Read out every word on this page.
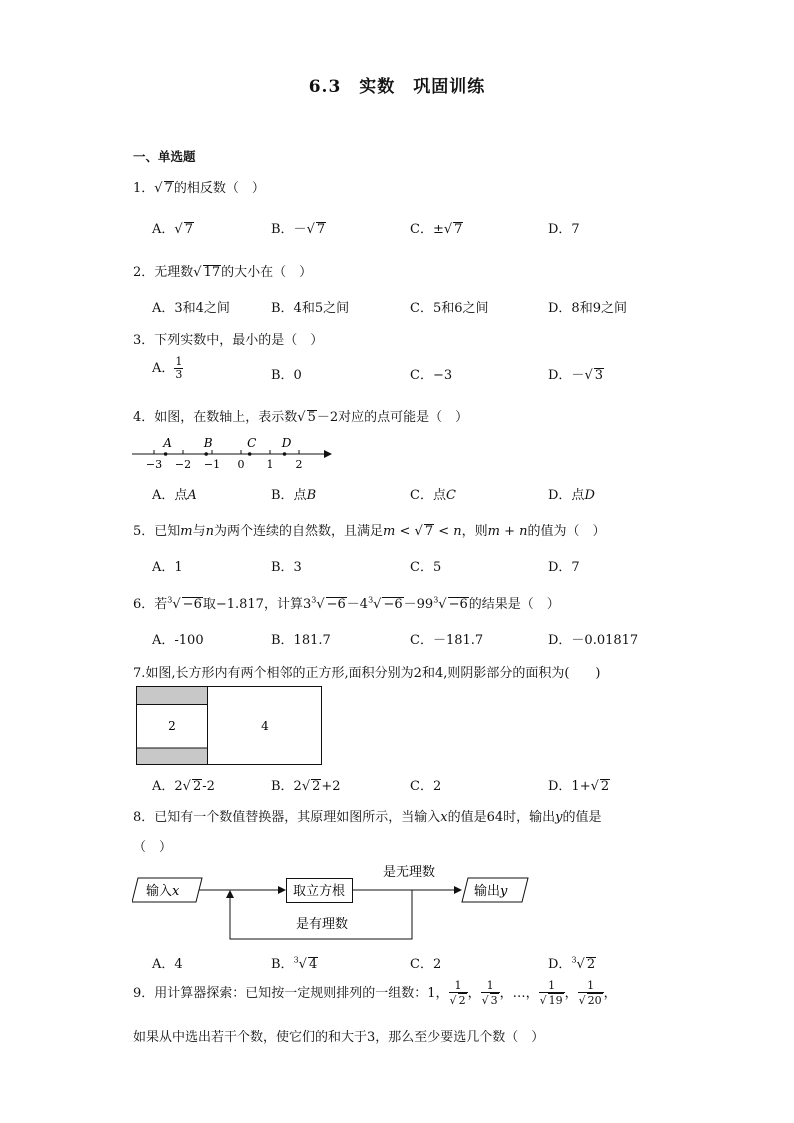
6.3　实数　巩固训练
一、单选题
1．√ 7的相反数（　）
A．√ 7	B．－√ 7	C．±√ 7	D．7
2．无理数√ 17的大小在（　）
A．3和4之间	B．4和5之间	C．5和6之间	D．8和9之间
3．下列实数中，最小的是（　）
A． $\frac{1}{3}$	B．0	C．−3	D．－√ 3
4．如图，在数轴上，表示数√ 5－2对应的点可能是（　）
−3 −2 −1 0 1 2
A	B	C D
A．点A	B．点B	C．点C	D．点D
5．已知m与n为两个连续的自然数，且满足m < √ 7 < n，则m + n的值为（　）
A．1	B．3	C．5	D．7
6．若$^3$√ −6取−1.817，计算$3^3√ -6-4^3√ -6-99^3√ -6$的结果是（　）
A．-100	B．181.7	C．－181.7	D．－0.01817
7.如图,长方形内有两个相邻的正方形,面积分别为2和4,则阴影部分的面积为(　　)
2	4
A．2√ 2-2	B．2√ 2+2	C．2	D．1+√ 2
8．已知有一个数值替换器，其原理如图所示，当输入x的值是64时，输出y的值是
（　）
输入x	取立方根
是无理数
输出y
是有理数
A．4	B．$^3$√ 4	C．2	D．$^3$√ 2
9．用计算器探索：已知按一定规则排列的一组数：1， $\frac{1}{√ 2}$ ， $\frac{1}{√ 3}$ ，…， $\frac{1}{√ 19}$ ， $\frac{1}{√ 20}$ ，
如果从中选出若干个数，使它们的和大于3，那么至少要选几个数（　）
